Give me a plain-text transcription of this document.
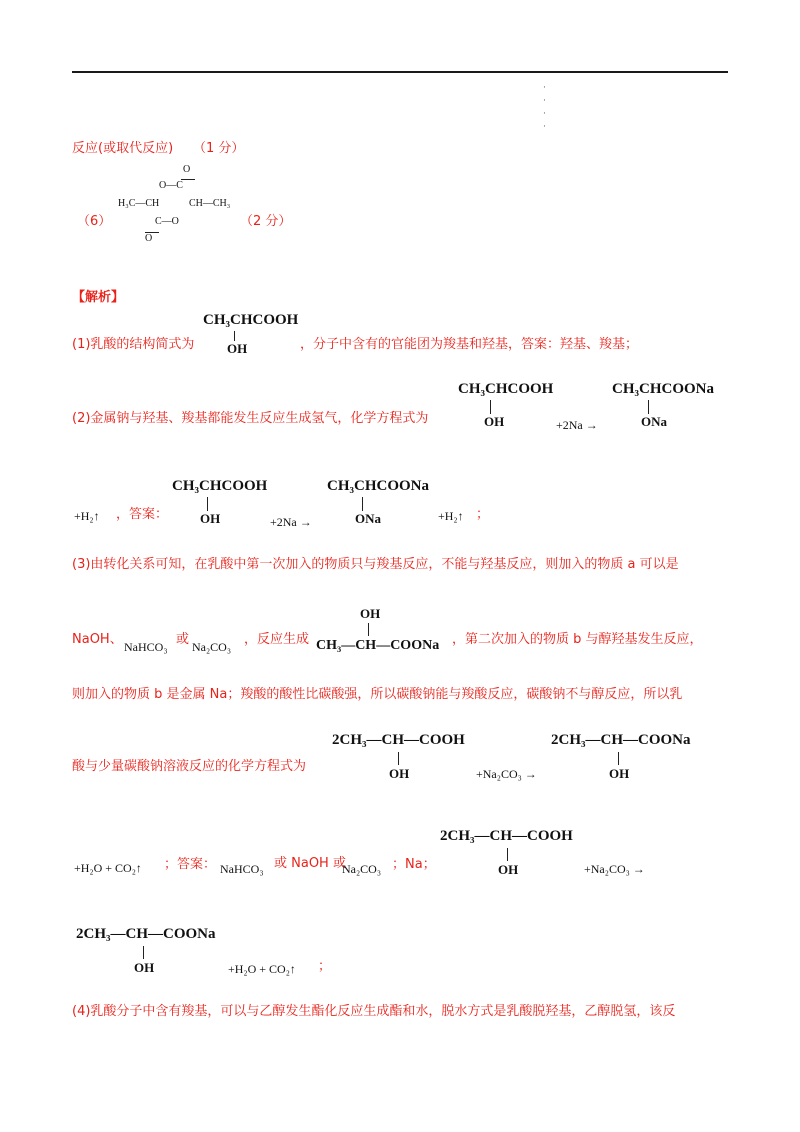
·
·
·
·
反应(或取代反应) （1 分）
（6）
O
O—C
H₃C—CH	CH—CH₃
C—O
O
（2 分）
【解析】
CH₃CHCOOH
OH
(1)乳酸的结构简式为	，分子中含有的官能团为羧基和羟基，答案：羟基、羧基；
(2)金属钠与羟基、羧基都能发生反应生成氢气，化学方程式为
CH₃CHCOOH
OH	+2Na →
CH₃CHCOONa
ONa
+H₂↑ ，答案：
CH₃CHCOOH
OH	+2Na →
CH₃CHCOONa
ONa	+H₂↑ ；
(3)由转化关系可知，在乳酸中第一次加入的物质只与羧基反应，不能与羟基反应，则加入的物质 a 可以是
NaOH、 NaHCO₃ 或 Na₂CO₃ ，反应生成
OH
CH₃—CH—COONa ，第二次加入的物质 b 与醇羟基发生反应，
则加入的物质 b 是金属 Na；羧酸的酸性比碳酸强，所以碳酸钠能与羧酸反应，碳酸钠不与醇反应，所以乳
酸与少量碳酸钠溶液反应的化学方程式为
2CH₃—CH—COOH
OH	+Na₂CO₃ →
2CH₃—CH—COONa
OH
+H₂O + CO₂↑ ；答案： NaHCO₃ 或 NaOH 或
Na₂CO₃ ；Na；
2CH₃—CH—COOH
OH	+Na₂CO₃ →
2CH₃—CH—COONa
OH	+H₂O + CO₂↑ ；
(4)乳酸分子中含有羧基，可以与乙醇发生酯化反应生成酯和水，脱水方式是乳酸脱羟基，乙醇脱氢，该反
